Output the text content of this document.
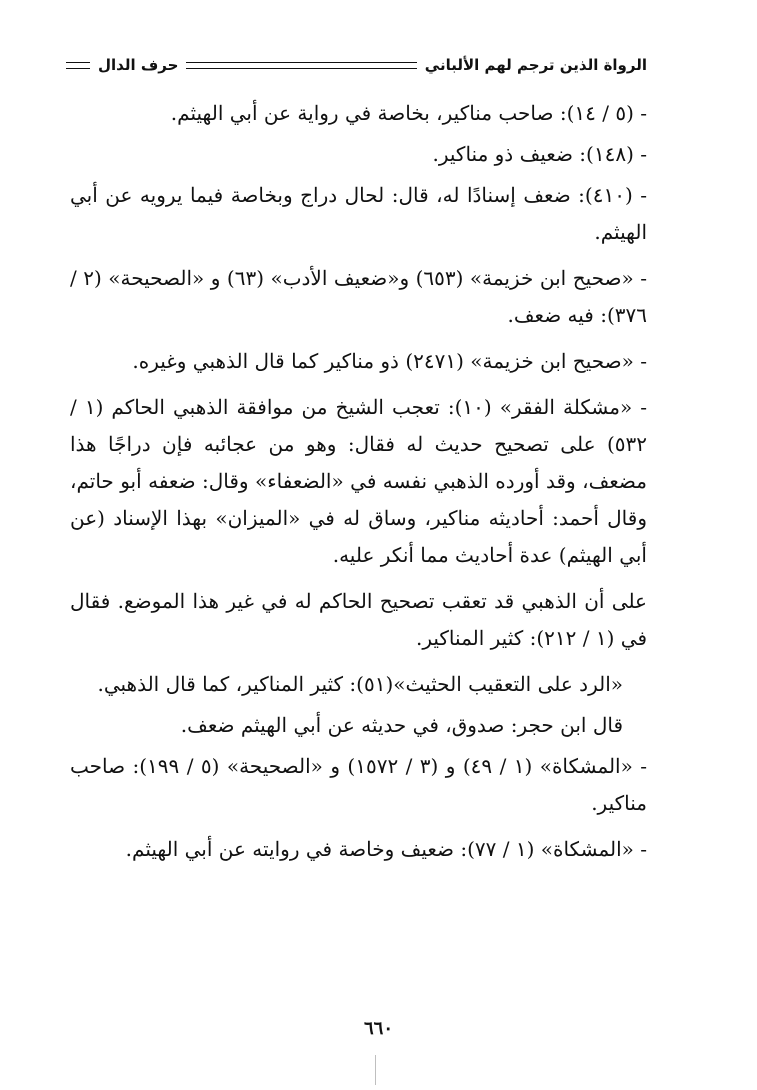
الرواة الذين ترجم لهم الألباني
حرف الدال

- (٥ / ١٤): صاحب مناكير، بخاصة في رواية عن أبي الهيثم.

- (١٤٨): ضعيف ذو مناكير.

- (٤١٠): ضعف إسنادًا له، قال: لحال دراج وبخاصة فيما يرويه عن أبي الهيثم.

- «صحيح ابن خزيمة» (٦٥٣) و«ضعيف الأدب» (٦٣) و «الصحيحة» (٢ / ٣٧٦): فيه ضعف.

- «صحيح ابن خزيمة» (٢٤٧١) ذو مناكير كما قال الذهبي وغيره.

- «مشكلة الفقر» (١٠): تعجب الشيخ من موافقة الذهبي الحاكم (١ / ٥٣٢) على تصحيح حديث له فقال: وهو من عجائبه فإن دراجًا هذا مضعف، وقد أورده الذهبي نفسه في «الضعفاء» وقال: ضعفه أبو حاتم، وقال أحمد: أحاديثه مناكير، وساق له في «الميزان» بهذا الإسناد (عن أبي الهيثم) عدة أحاديث مما أنكر عليه.

على أن الذهبي قد تعقب تصحيح الحاكم له في غير هذا الموضع. فقال في (١ / ٢١٢): كثير المناكير.

«الرد على التعقيب الحثيث»(٥١): كثير المناكير، كما قال الذهبي.

قال ابن حجر: صدوق، في حديثه عن أبي الهيثم ضعف.

- «المشكاة» (١ / ٤٩) و (٣ / ١٥٧٢) و «الصحيحة» (٥ / ١٩٩): صاحب مناكير.

- «المشكاة» (١ / ٧٧): ضعيف وخاصة في روايته عن أبي الهيثم.

٦٦٠
